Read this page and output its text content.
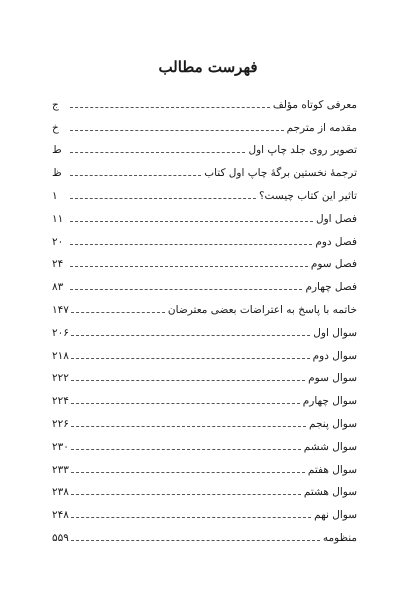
فهرست مطالب
معرفی کوتاه مؤلف
ج
مقدمه از مترجم
خ
تصویر روی جلد چاپ اول
ط
ترجمهٔ نخستین برگهٔ چاپ اول کتاب
ظ
تاثیر این کتاب چیست؟
۱
فصل اول
۱۱
فصل دوم
۲۰
فصل سوم
۲۴
فصل چهارم
۸۳
خاتمه با پاسخ به اعتراضات بعضی معترضان
۱۴۷
سوال اول
۲۰۶
سوال دوم
۲۱۸
سوال سوم
۲۲۲
سوال چهارم
۲۲۴
سوال پنجم
۲۲۶
سوال ششم
۲۳۰
سوال هفتم
۲۳۳
سوال هشتم
۲۳۸
سوال نهم
۲۴۸
منظومه
۵۵۹
